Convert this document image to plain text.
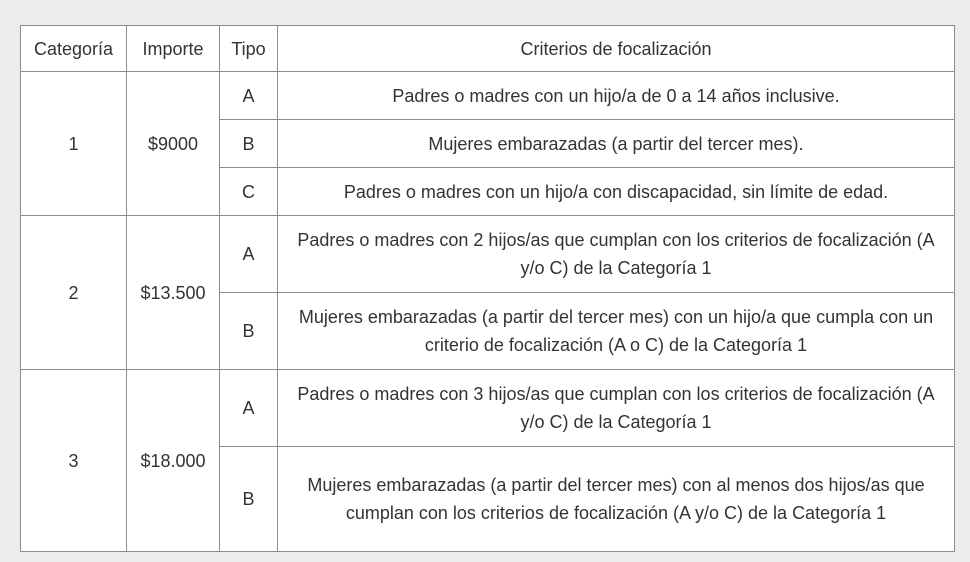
Categoría	Importe	Tipo	Criterios de focalización
1	$9000	A	Padres o madres con un hijo/a de 0 a 14 años inclusive.
		B	Mujeres embarazadas (a partir del tercer mes).
		C	Padres o madres con un hijo/a con discapacidad, sin límite de edad.
2	$13.500	A	Padres o madres con 2 hijos/as que cumplan con los criterios de focalización (A y/o C) de la Categoría 1
		B	Mujeres embarazadas (a partir del tercer mes) con un hijo/a que cumpla con un criterio de focalización (A o C) de la Categoría 1
3	$18.000	A	Padres o madres con 3 hijos/as que cumplan con los criterios de focalización (A y/o C) de la Categoría 1
		B	Mujeres embarazadas (a partir del tercer mes) con al menos dos hijos/as que cumplan con los criterios de focalización (A y/o C) de la Categoría 1
